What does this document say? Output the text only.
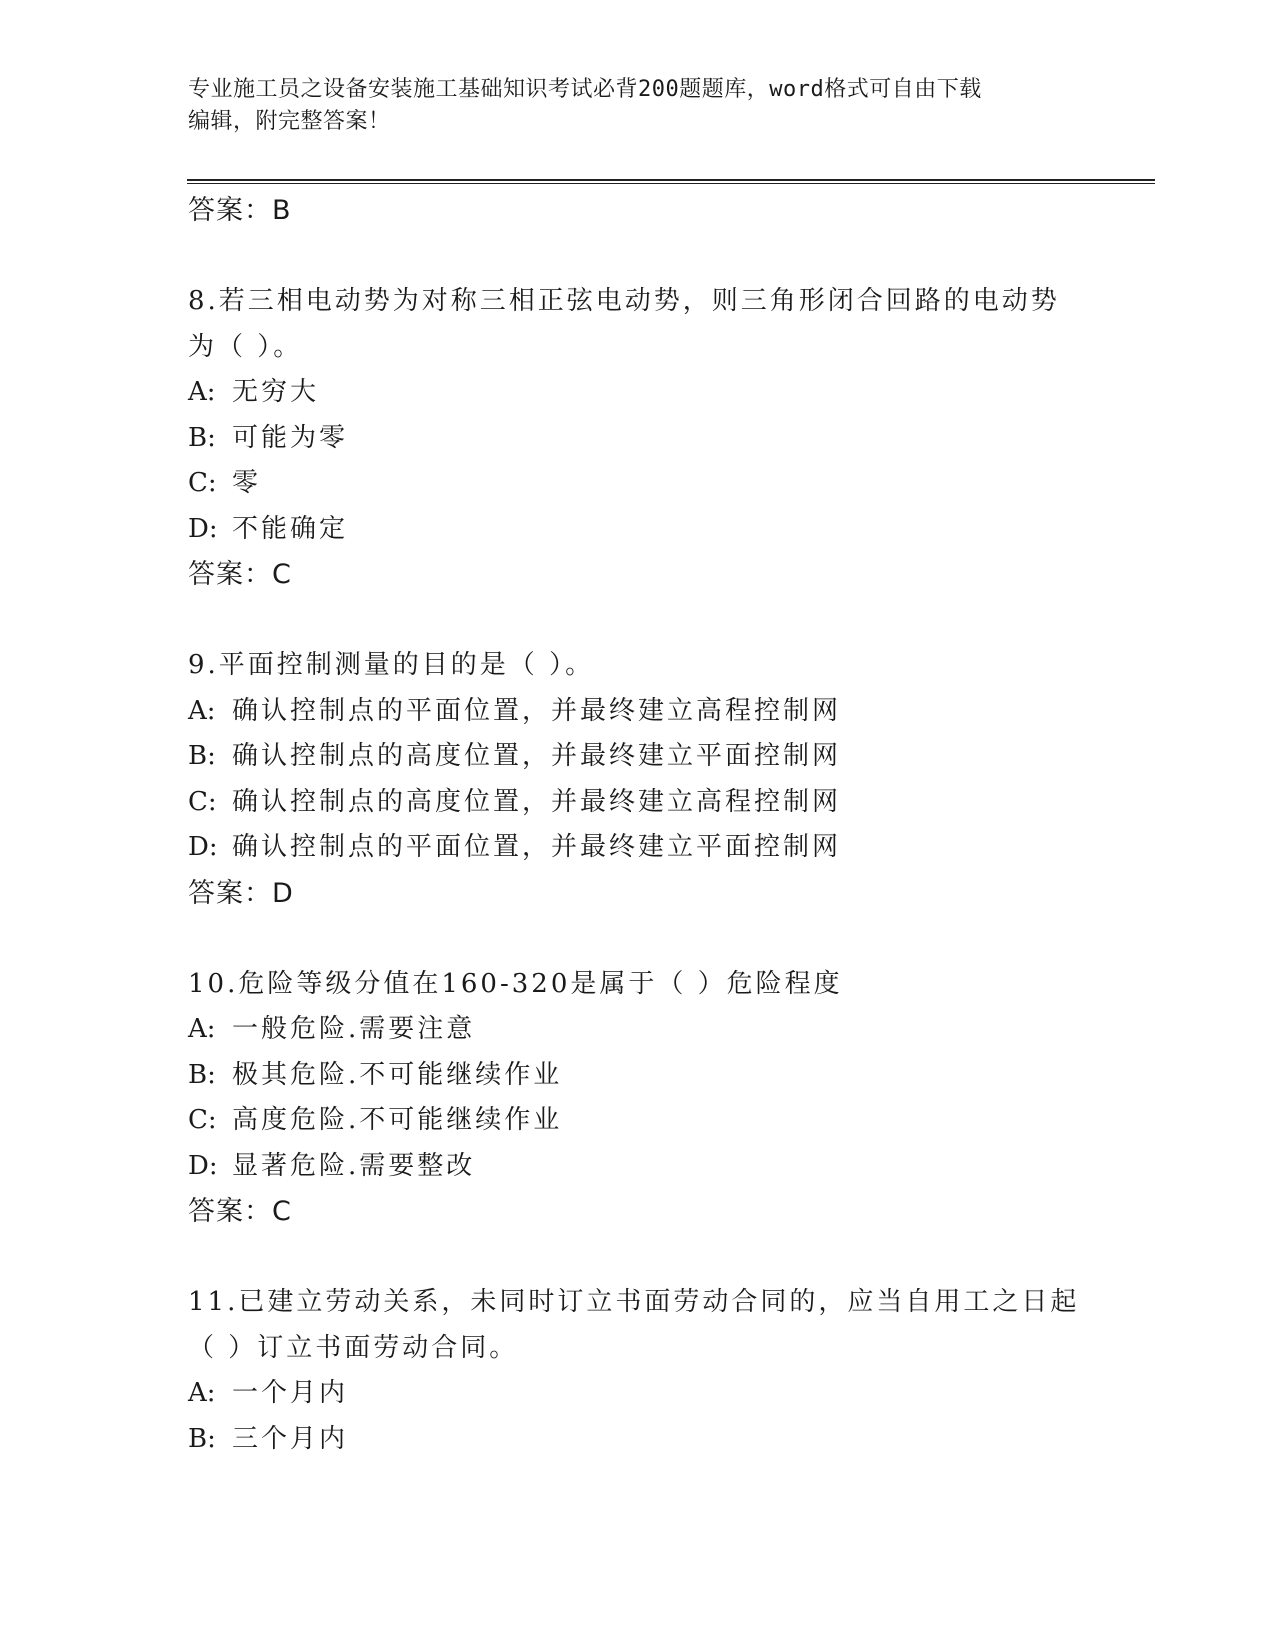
专业施工员之设备安装施工基础知识考试必背200题题库，word格式可自由下载
编辑，附完整答案！
答案：B
8.若三相电动势为对称三相正弦电动势，则三角形闭合回路的电动势
为（ ）。
A: 无穷大
B: 可能为零
C: 零
D: 不能确定
答案：C
9.平面控制测量的目的是（ ）。
A: 确认控制点的平面位置，并最终建立高程控制网
B: 确认控制点的高度位置，并最终建立平面控制网
C: 确认控制点的高度位置，并最终建立高程控制网
D: 确认控制点的平面位置，并最终建立平面控制网
答案：D
10.危险等级分值在160-320是属于（ ）危险程度
A: 一般危险.需要注意
B: 极其危险.不可能继续作业
C: 高度危险.不可能继续作业
D: 显著危险.需要整改
答案：C
11.已建立劳动关系，未同时订立书面劳动合同的，应当自用工之日起
（ ）订立书面劳动合同。
A: 一个月内
B: 三个月内
